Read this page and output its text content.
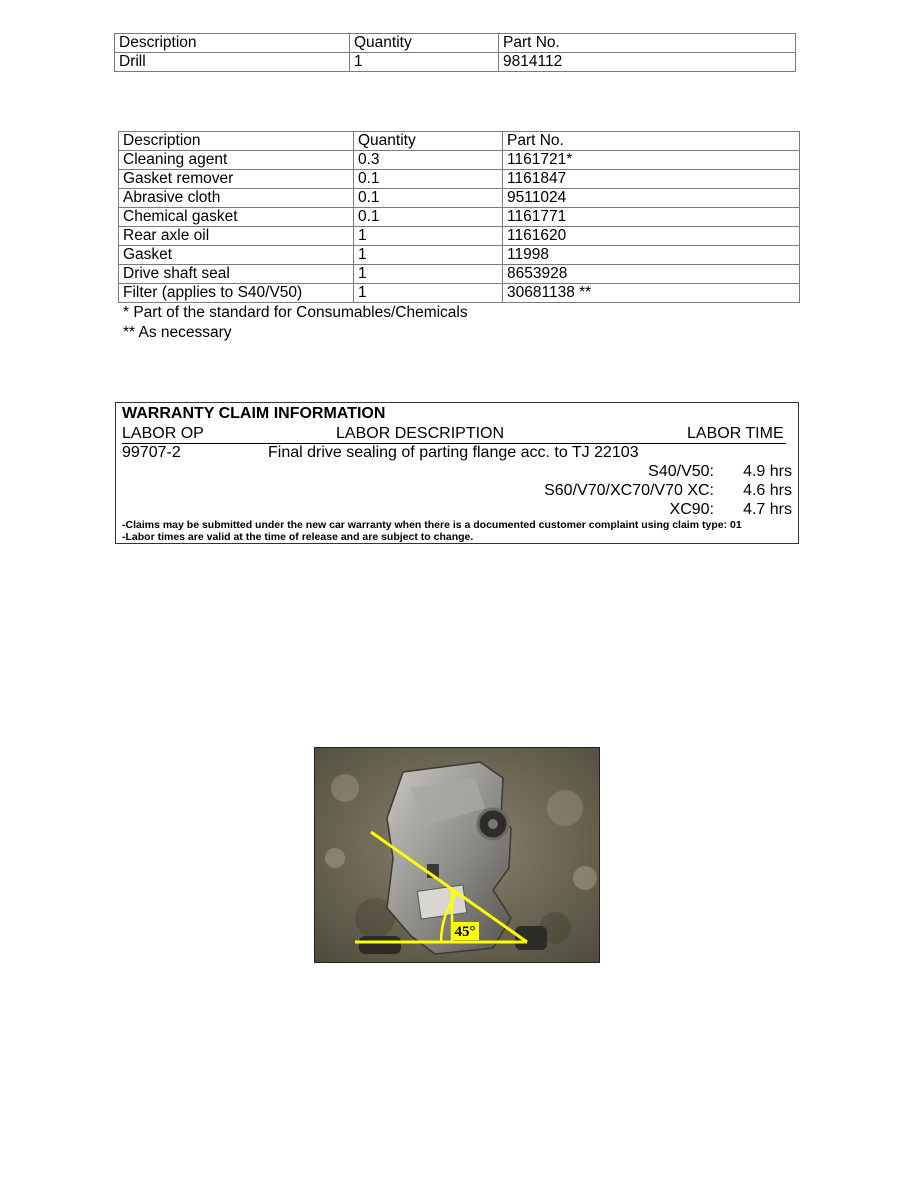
Description	Quantity	Part No.
Drill	1	9814112
Description	Quantity	Part No.
Cleaning agent	0.3	1161721*
Gasket remover	0.1	1161847
Abrasive cloth	0.1	9511024
Chemical gasket	0.1	1161771
Rear axle oil	1	1161620
Gasket	1	11998
Drive shaft seal	1	8653928
Filter (applies to S40/V50)	1	30681138 **
* Part of the standard for Consumables/Chemicals
** As necessary
WARRANTY CLAIM INFORMATION
LABOR OP	LABOR DESCRIPTION	LABOR TIME
99707-2	Final drive sealing of parting flange acc. to TJ 22103
S40/V50: 4.9 hrs
S60/V70/XC70/V70 XC: 4.6 hrs
XC90: 4.7 hrs
-Claims may be submitted under the new car warranty when there is a documented customer complaint using claim type: 01
-Labor times are valid at the time of release and are subject to change.
45°
